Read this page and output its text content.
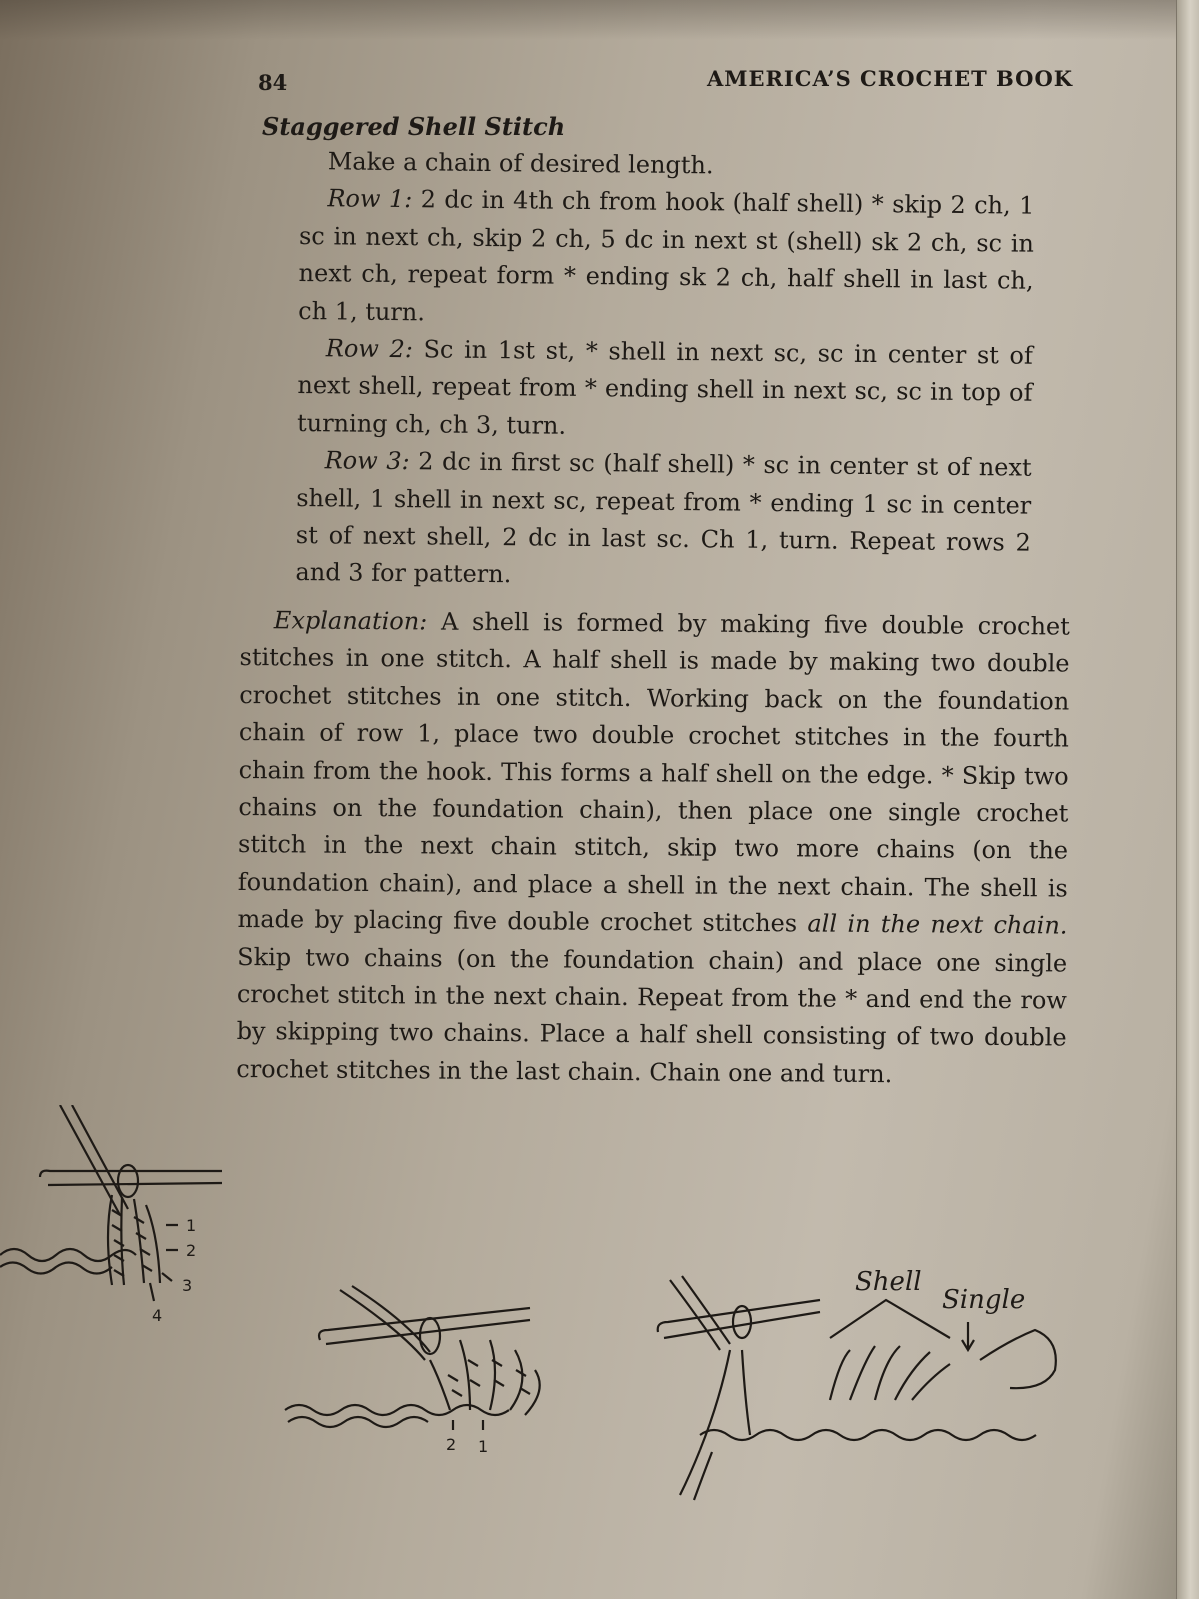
84	AMERICA’S CROCHET BOOK
Staggered Shell Stitch

Make a chain of desired length.

Row 1: 2 dc in 4th ch from hook (half shell) * skip 2 ch, 1 sc in next ch, skip 2 ch, 5 dc in next st (shell) sk 2 ch, sc in next ch, repeat form * ending sk 2 ch, half shell in last ch, ch 1, turn.

Row 2: Sc in 1st st, * shell in next sc, sc in center st of next shell, repeat from * ending shell in next sc, sc in top of turning ch, ch 3, turn.

Row 3: 2 dc in first sc (half shell) * sc in center st of next shell, 1 shell in next sc, repeat from * ending 1 sc in center st of next shell, 2 dc in last sc. Ch 1, turn. Repeat rows 2 and 3 for pattern.

Explanation: A shell is formed by making five double crochet stitches in one stitch. A half shell is made by making two double crochet stitches in one stitch. Working back on the foundation chain of row 1, place two double crochet stitches in the fourth chain from the hook. This forms a half shell on the edge. * Skip two chains on the foundation chain), then place one single crochet stitch in the next chain stitch, skip two more chains (on the foundation chain), and place a shell in the next chain. The shell is made by placing five double crochet stitches all in the next chain. Skip two chains (on the foundation chain) and place one single crochet stitch in the next chain. Repeat from the * and end the row by skipping two chains. Place a half shell consisting of two double crochet stitches in the last chain. Chain one and turn.

1
2
3
4
2 1
Shell
Single
